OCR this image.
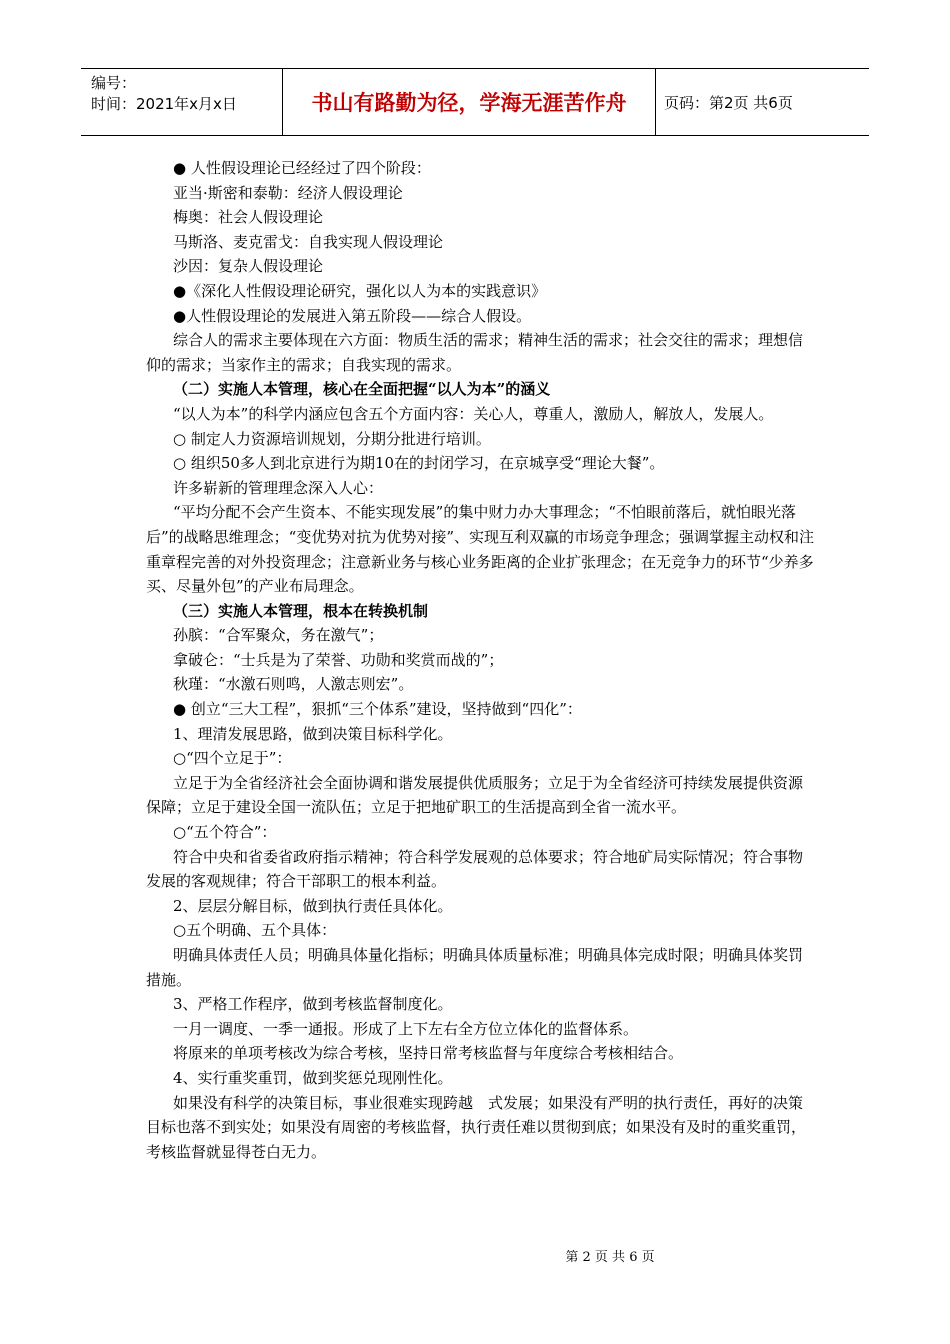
编号：
时间：2021年x月x日	书山有路勤为径，学海无涯苦作舟	页码：第2页 共6页

● 人性假设理论已经经过了四个阶段：

亚当·斯密和泰勒：经济人假设理论

梅奥：社会人假设理论

马斯洛、麦克雷戈：自我实现人假设理论

沙因：复杂人假设理论

●《深化人性假设理论研究，强化以人为本的实践意识》

●人性假设理论的发展进入第五阶段——综合人假设。

综合人的需求主要体现在六方面：物质生活的需求；精神生活的需求；社会交往的需求；理想信仰的需求；当家作主的需求；自我实现的需求。

（二）实施人本管理，核心在全面把握“以人为本”的涵义

“以人为本”的科学内涵应包含五个方面内容：关心人，尊重人，激励人，解放人，发展人。

○ 制定人力资源培训规划，分期分批进行培训。

○ 组织50多人到北京进行为期10在的封闭学习，在京城享受“理论大餐”。

许多崭新的管理理念深入人心：

“平均分配不会产生资本、不能实现发展”的集中财力办大事理念；“不怕眼前落后，就怕眼光落后”的战略思维理念；“变优势对抗为优势对接”、实现互利双赢的市场竞争理念；强调掌握主动权和注重章程完善的对外投资理念；注意新业务与核心业务距离的企业扩张理念；在无竞争力的环节“少养多买、尽量外包”的产业布局理念。

（三）实施人本管理，根本在转换机制

孙膑：“合军聚众，务在激气”；

拿破仑：“士兵是为了荣誉、功勋和奖赏而战的”；

秋瑾：“水激石则鸣，人激志则宏”。

● 创立“三大工程”，狠抓“三个体系”建设，坚持做到“四化”：

1、理清发展思路，做到决策目标科学化。

○“四个立足于”：

立足于为全省经济社会全面协调和谐发展提供优质服务；立足于为全省经济可持续发展提供资源保障；立足于建设全国一流队伍；立足于把地矿职工的生活提高到全省一流水平。

○“五个符合”：

符合中央和省委省政府指示精神；符合科学发展观的总体要求；符合地矿局实际情况；符合事物发展的客观规律；符合干部职工的根本利益。

2、层层分解目标，做到执行责任具体化。

○五个明确、五个具体：

明确具体责任人员；明确具体量化指标；明确具体质量标准；明确具体完成时限；明确具体奖罚措施。

3、严格工作程序，做到考核监督制度化。

一月一调度、一季一通报。形成了上下左右全方位立体化的监督体系。

将原来的单项考核改为综合考核，坚持日常考核监督与年度综合考核相结合。

4、实行重奖重罚，做到奖惩兑现刚性化。

如果没有科学的决策目标，事业很难实现跨越　式发展；如果没有严明的执行责任，再好的决策目标也落不到实处；如果没有周密的考核监督，执行责任难以贯彻到底；如果没有及时的重奖重罚，考核监督就显得苍白无力。

第 2 页 共 6 页
